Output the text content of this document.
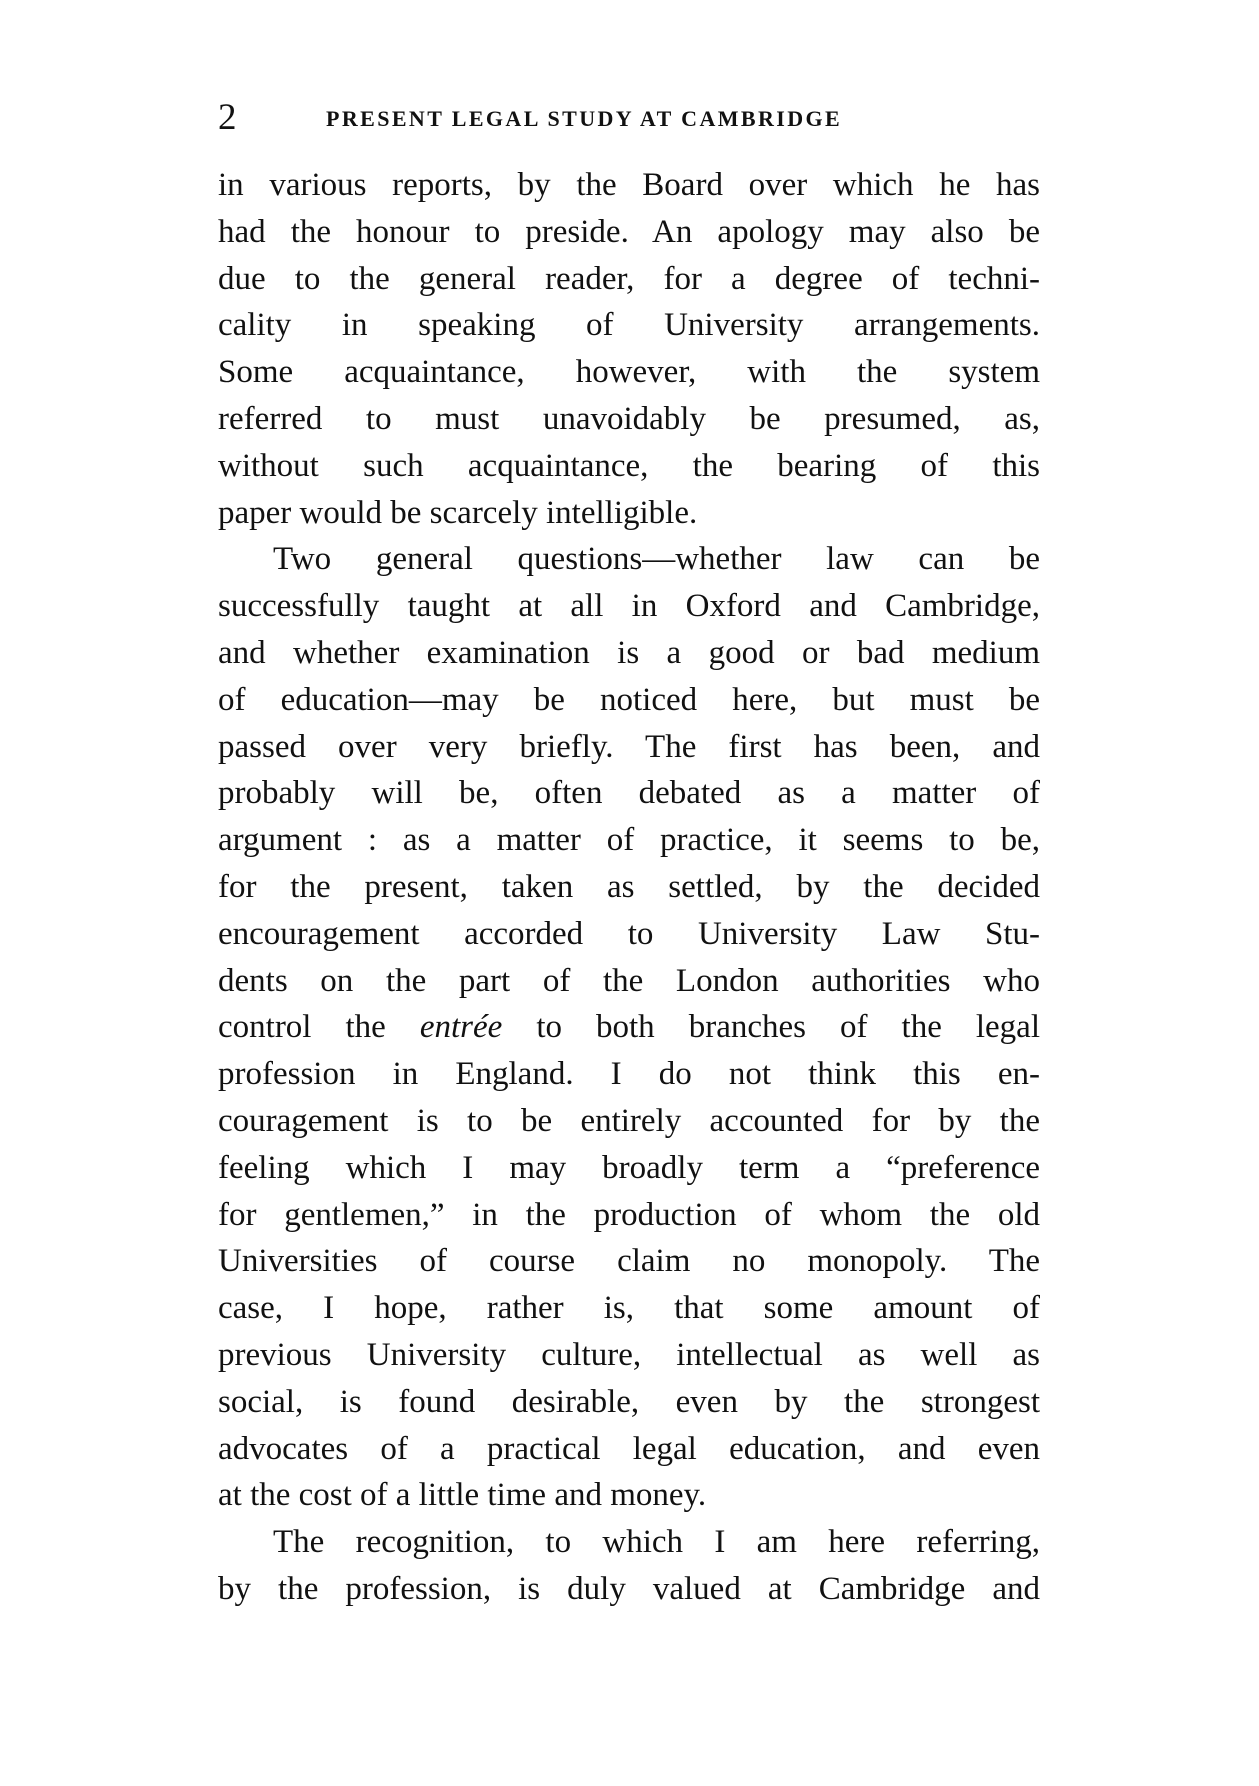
2	PRESENT LEGAL STUDY AT CAMBRIDGE
in various reports, by the Board over which he has
had the honour to preside. An apology may also be
due to the general reader, for a degree of techni-
cality in speaking of University arrangements.
Some acquaintance, however, with the system
referred to must unavoidably be presumed, as,
without such acquaintance, the bearing of this
paper would be scarcely intelligible.
Two general questions—whether law can be
successfully taught at all in Oxford and Cambridge,
and whether examination is a good or bad medium
of education—may be noticed here, but must be
passed over very briefly. The first has been, and
probably will be, often debated as a matter of
argument : as a matter of practice, it seems to be,
for the present, taken as settled, by the decided
encouragement accorded to University Law Stu-
dents on the part of the London authorities who
control the entrée to both branches of the legal
profession in England. I do not think this en-
couragement is to be entirely accounted for by the
feeling which I may broadly term a “preference
for gentlemen,” in the production of whom the old
Universities of course claim no monopoly. The
case, I hope, rather is, that some amount of
previous University culture, intellectual as well as
social, is found desirable, even by the strongest
advocates of a practical legal education, and even
at the cost of a little time and money.
The recognition, to which I am here referring,
by the profession, is duly valued at Cambridge and
